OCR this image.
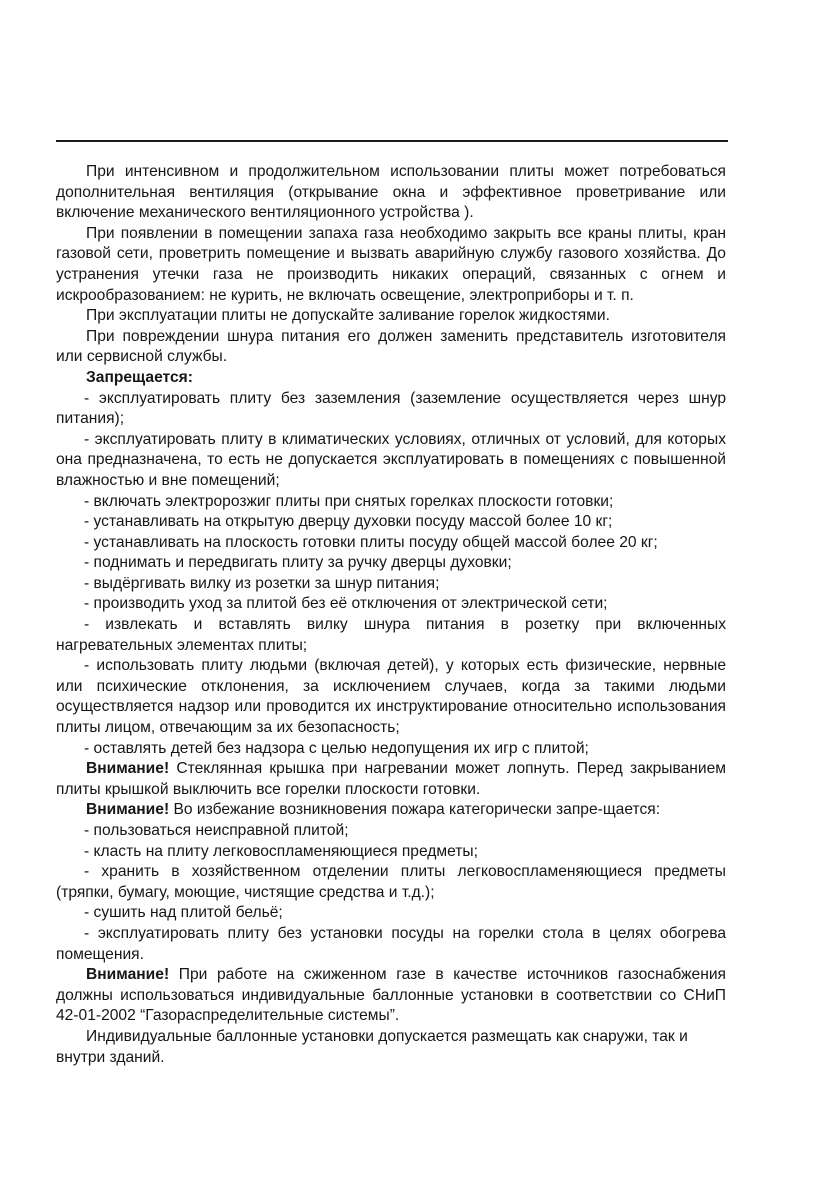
При интенсивном и продолжительном использовании плиты может потребоваться дополнительная вентиляция (открывание окна и эффективное проветривание или включение механического вентиляционного устройства ).

При появлении в помещении запаха газа необходимо закрыть все краны плиты, кран газовой сети, проветрить помещение и вызвать аварийную службу газового хозяйства. До устранения утечки газа не производить никаких операций, связанных с огнем и искрообразованием: не курить, не включать освещение, электроприборы и т. п.

При эксплуатации плиты не допускайте заливание горелок жидкостями.

При повреждении шнура питания его должен заменить представитель изготовителя или сервисной службы.

Запрещается:

- эксплуатировать плиту без заземления (заземление осуществляется через шнур питания);

- эксплуатировать плиту в климатических условиях, отличных от условий, для которых она предназначена, то есть не допускается эксплуатировать в помещениях с повышенной влажностью и вне помещений;

- включать электророзжиг плиты при снятых горелках плоскости готовки;

- устанавливать на открытую дверцу духовки посуду массой более 10 кг;

- устанавливать на плоскость готовки плиты посуду общей массой более 20 кг;

- поднимать и передвигать плиту за ручку дверцы духовки;

- выдёргивать вилку из розетки за шнур питания;

- производить уход за плитой без её отключения от электрической сети;

- извлекать и вставлять вилку шнура питания в розетку при включенных нагревательных элементах плиты;

- использовать плиту людьми (включая детей), у которых есть физические, нервные или психические отклонения, за исключением случаев, когда за такими людьми осуществляется надзор или проводится их инструктирование относительно использования плиты лицом, отвечающим за их безопасность;

- оставлять детей без надзора с целью недопущения их игр с плитой;

Внимание! Стеклянная крышка при нагревании может лопнуть. Перед закрыванием плиты крышкой выключить все горелки плоскости готовки.

Внимание! Во избежание возникновения пожара категорически запре-щается:

- пользоваться неисправной плитой;

- класть на плиту легковоспламеняющиеся предметы;

- хранить в хозяйственном отделении плиты легковоспламеняющиеся предметы (тряпки, бумагу, моющие, чистящие средства и т.д.);

- сушить над плитой бельё;

- эксплуатировать плиту без установки посуды на горелки стола в целях обогрева помещения.

Внимание! При работе на сжиженном газе в качестве источников газоснабжения должны использоваться индивидуальные баллонные установки в соответствии со СНиП 42-01-2002 “Газораспределительные системы”.

Индивидуальные баллонные установки допускается размещать как снаружи, так и внутри зданий.
